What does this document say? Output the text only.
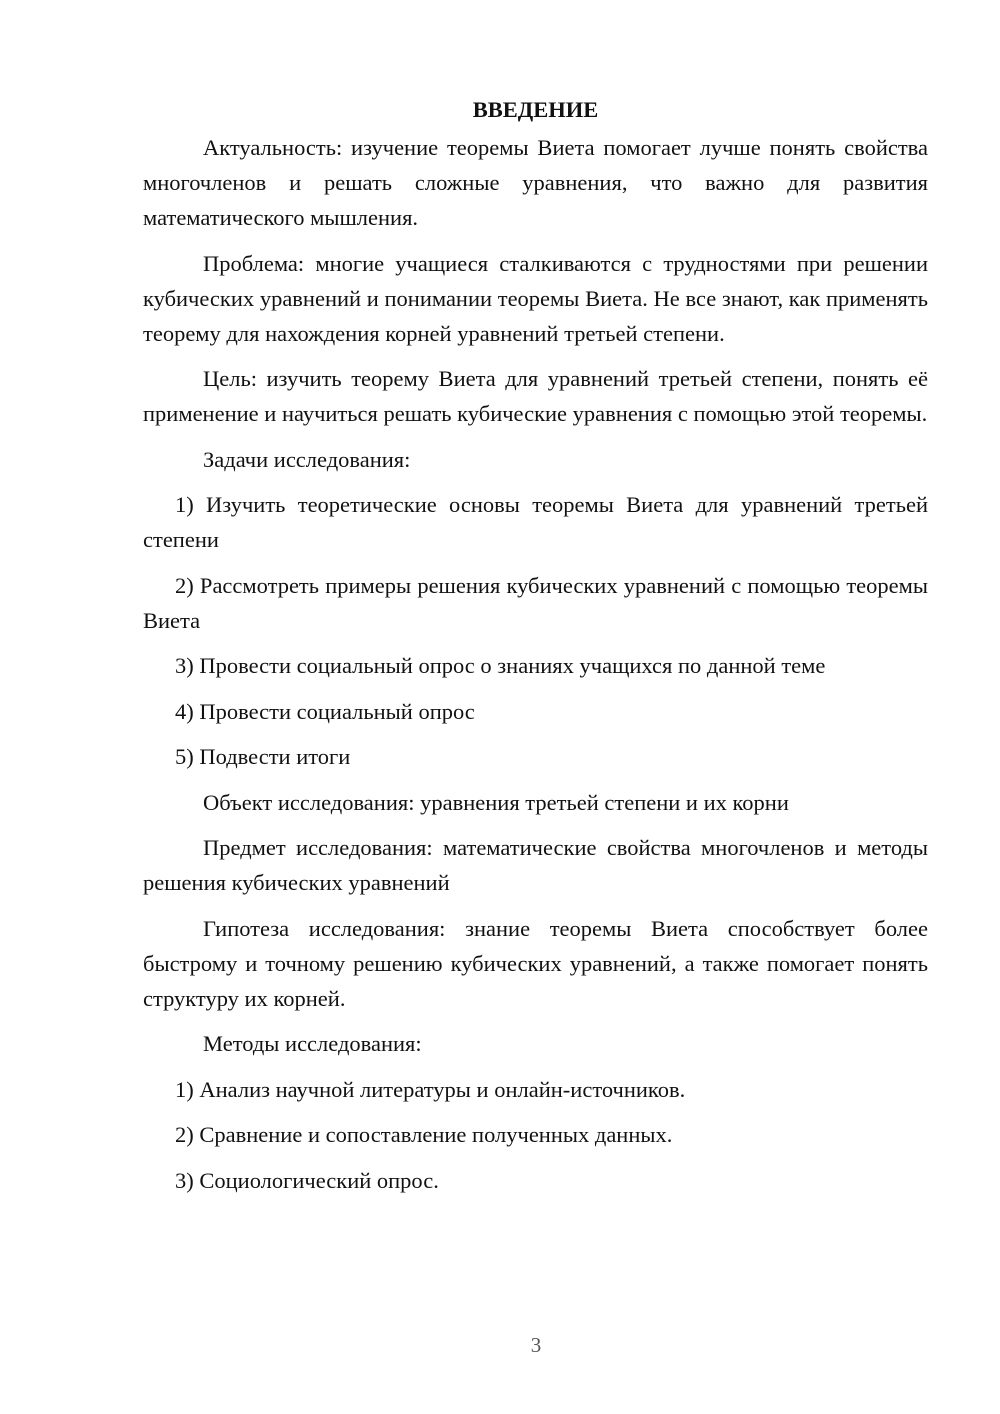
ВВЕДЕНИЕ

Актуальность: изучение теоремы Виета помогает лучше понять свойства многочленов и решать сложные уравнения, что важно для развития математического мышления.

Проблема: многие учащиеся сталкиваются с трудностями при решении кубических уравнений и понимании теоремы Виета. Не все знают, как применять теорему для нахождения корней уравнений третьей степени.

Цель: изучить теорему Виета для уравнений третьей степени, понять её применение и научиться решать кубические уравнения с помощью этой теоремы.

Задачи исследования:

1) Изучить теоретические основы теоремы Виета для уравнений третьей степени

2) Рассмотреть примеры решения кубических уравнений с помощью теоремы Виета

3) Провести социальный опрос о знаниях учащихся по данной теме

4) Провести социальный опрос

5) Подвести итоги

Объект исследования: уравнения третьей степени и их корни

Предмет исследования: математические свойства многочленов и методы решения кубических уравнений

Гипотеза исследования: знание теоремы Виета способствует более быстрому и точному решению кубических уравнений, а также помогает понять структуру их корней.

Методы исследования:

1) Анализ научной литературы и онлайн-источников.

2) Сравнение и сопоставление полученных данных.

3) Социологический опрос.

3
